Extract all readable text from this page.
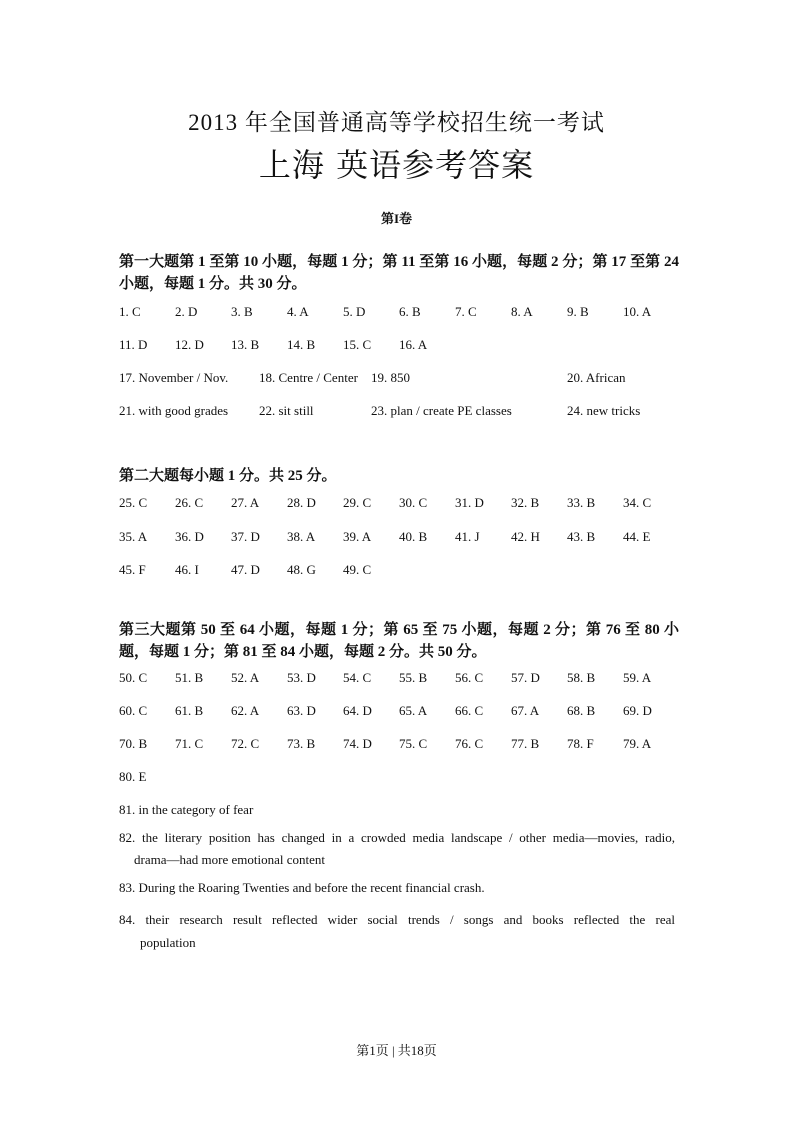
2013 年全国普通高等学校招生统一考试
上海 英语参考答案
第I卷
第一大题第 1 至第 10 小题，每题 1 分；第 11 至第 16 小题，每题 2 分；第 17 至第 24 小题，每题 1 分。共 30 分。
1. C	2. D	3. B	4. A	5. D	6. B	7. C	8. A	9. B	10. A
11. D 12. D 13. B 14. B 15. C 16. A
17. November / Nov. 18. Centre / Center 19. 850	20. African
21. with good grades 22. sit still	23. plan / create PE classes	24. new tricks
第二大题每小题 1 分。共 25 分。
25. C 26. C 27. A 28. D 29. C 30. C 31. D 32. B 33. B 34. C
35. A 36. D 37. D 38. A 39. A 40. B 41. J 42. H 43. B 44. E
45. F 46. I 47. D 48. G 49. C
第三大题第 50 至 64 小题，每题 1 分；第 65 至 75 小题，每题 2 分；第 76 至 80 小题，每题 1 分；第 81 至 84 小题，每题 2 分。共 50 分。
50. C 51. B 52. A 53. D 54. C 55. B 56. C 57. D 58. B 59. A
60. C 61. B 62. A 63. D 64. D 65. A 66. C 67. A 68. B 69. D
70. B 71. C 72. C 73. B 74. D 75. C 76. C 77. B 78. F 79. A
80. E
81. in the category of fear
82. the literary position has changed in a crowded media landscape / other media—movies, radio,
drama—had more emotional content
83. During the Roaring Twenties and before the recent financial crash.
84. their research result reflected wider social trends / songs and books reflected the real
population
第1页 | 共18页
